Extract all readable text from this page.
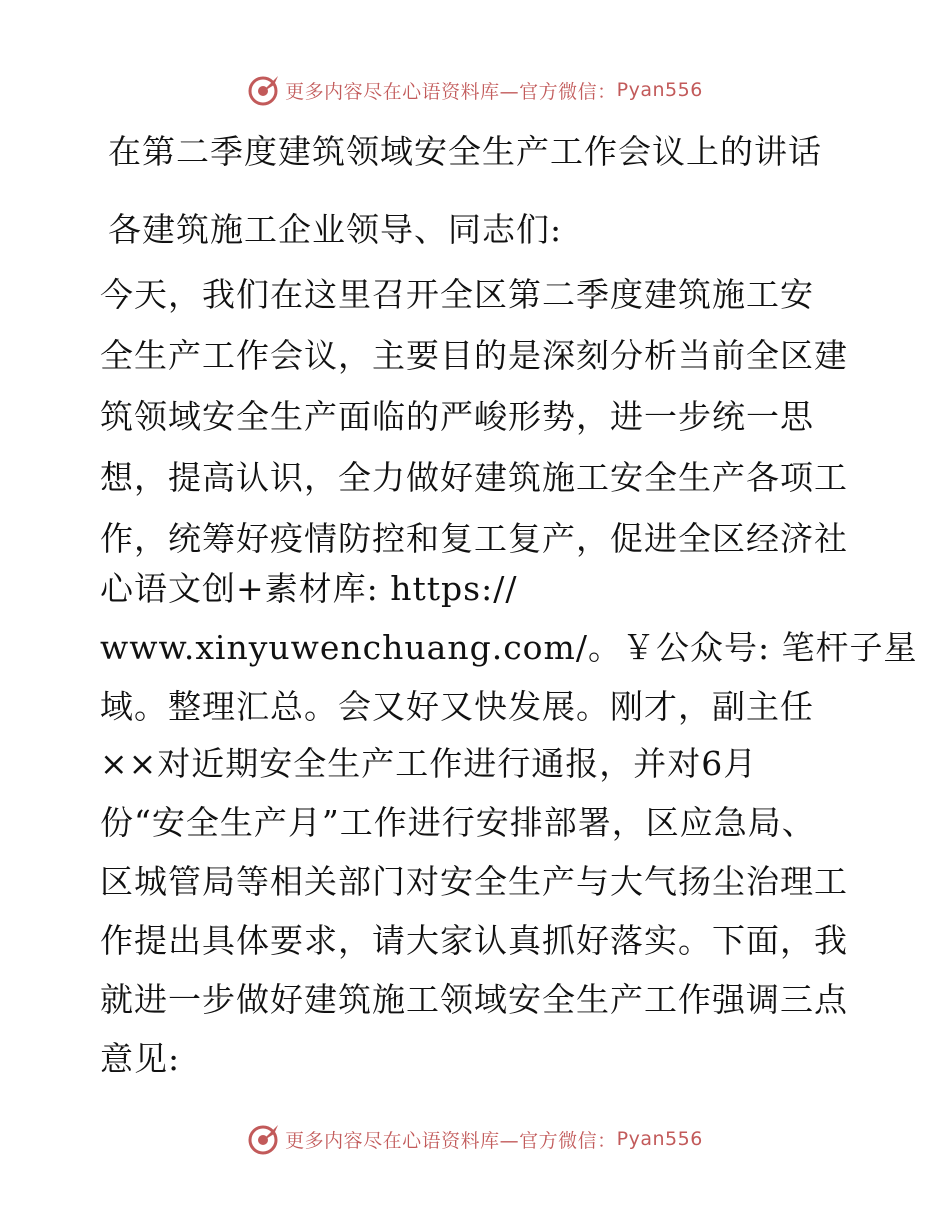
更多内容尽在心语资料库—官方微信： Pyan556
在第二季度建筑领域安全生产工作会议上的讲话
各建筑施工企业领导、同志们:
今天，我们在这里召开全区第二季度建筑施工安
全生产工作会议，主要目的是深刻分析当前全区建
筑领域安全生产面临的严峻形势，进一步统一思
想，提高认识，全力做好建筑施工安全生产各项工
作，统筹好疫情防控和复工复产，促进全区经济社
心语文创+素材库: https://
www.xinyuwenchuang.com/。￥公众号: 笔杆子星
域。整理汇总。会又好又快发展。刚才，副主任
××对近期安全生产工作进行通报，并对6月
份“安全生产月”工作进行安排部署，区应急局、
区城管局等相关部门对安全生产与大气扬尘治理工
作提出具体要求，请大家认真抓好落实。下面，我
就进一步做好建筑施工领域安全生产工作强调三点
意见:
更多内容尽在心语资料库—官方微信： Pyan556
